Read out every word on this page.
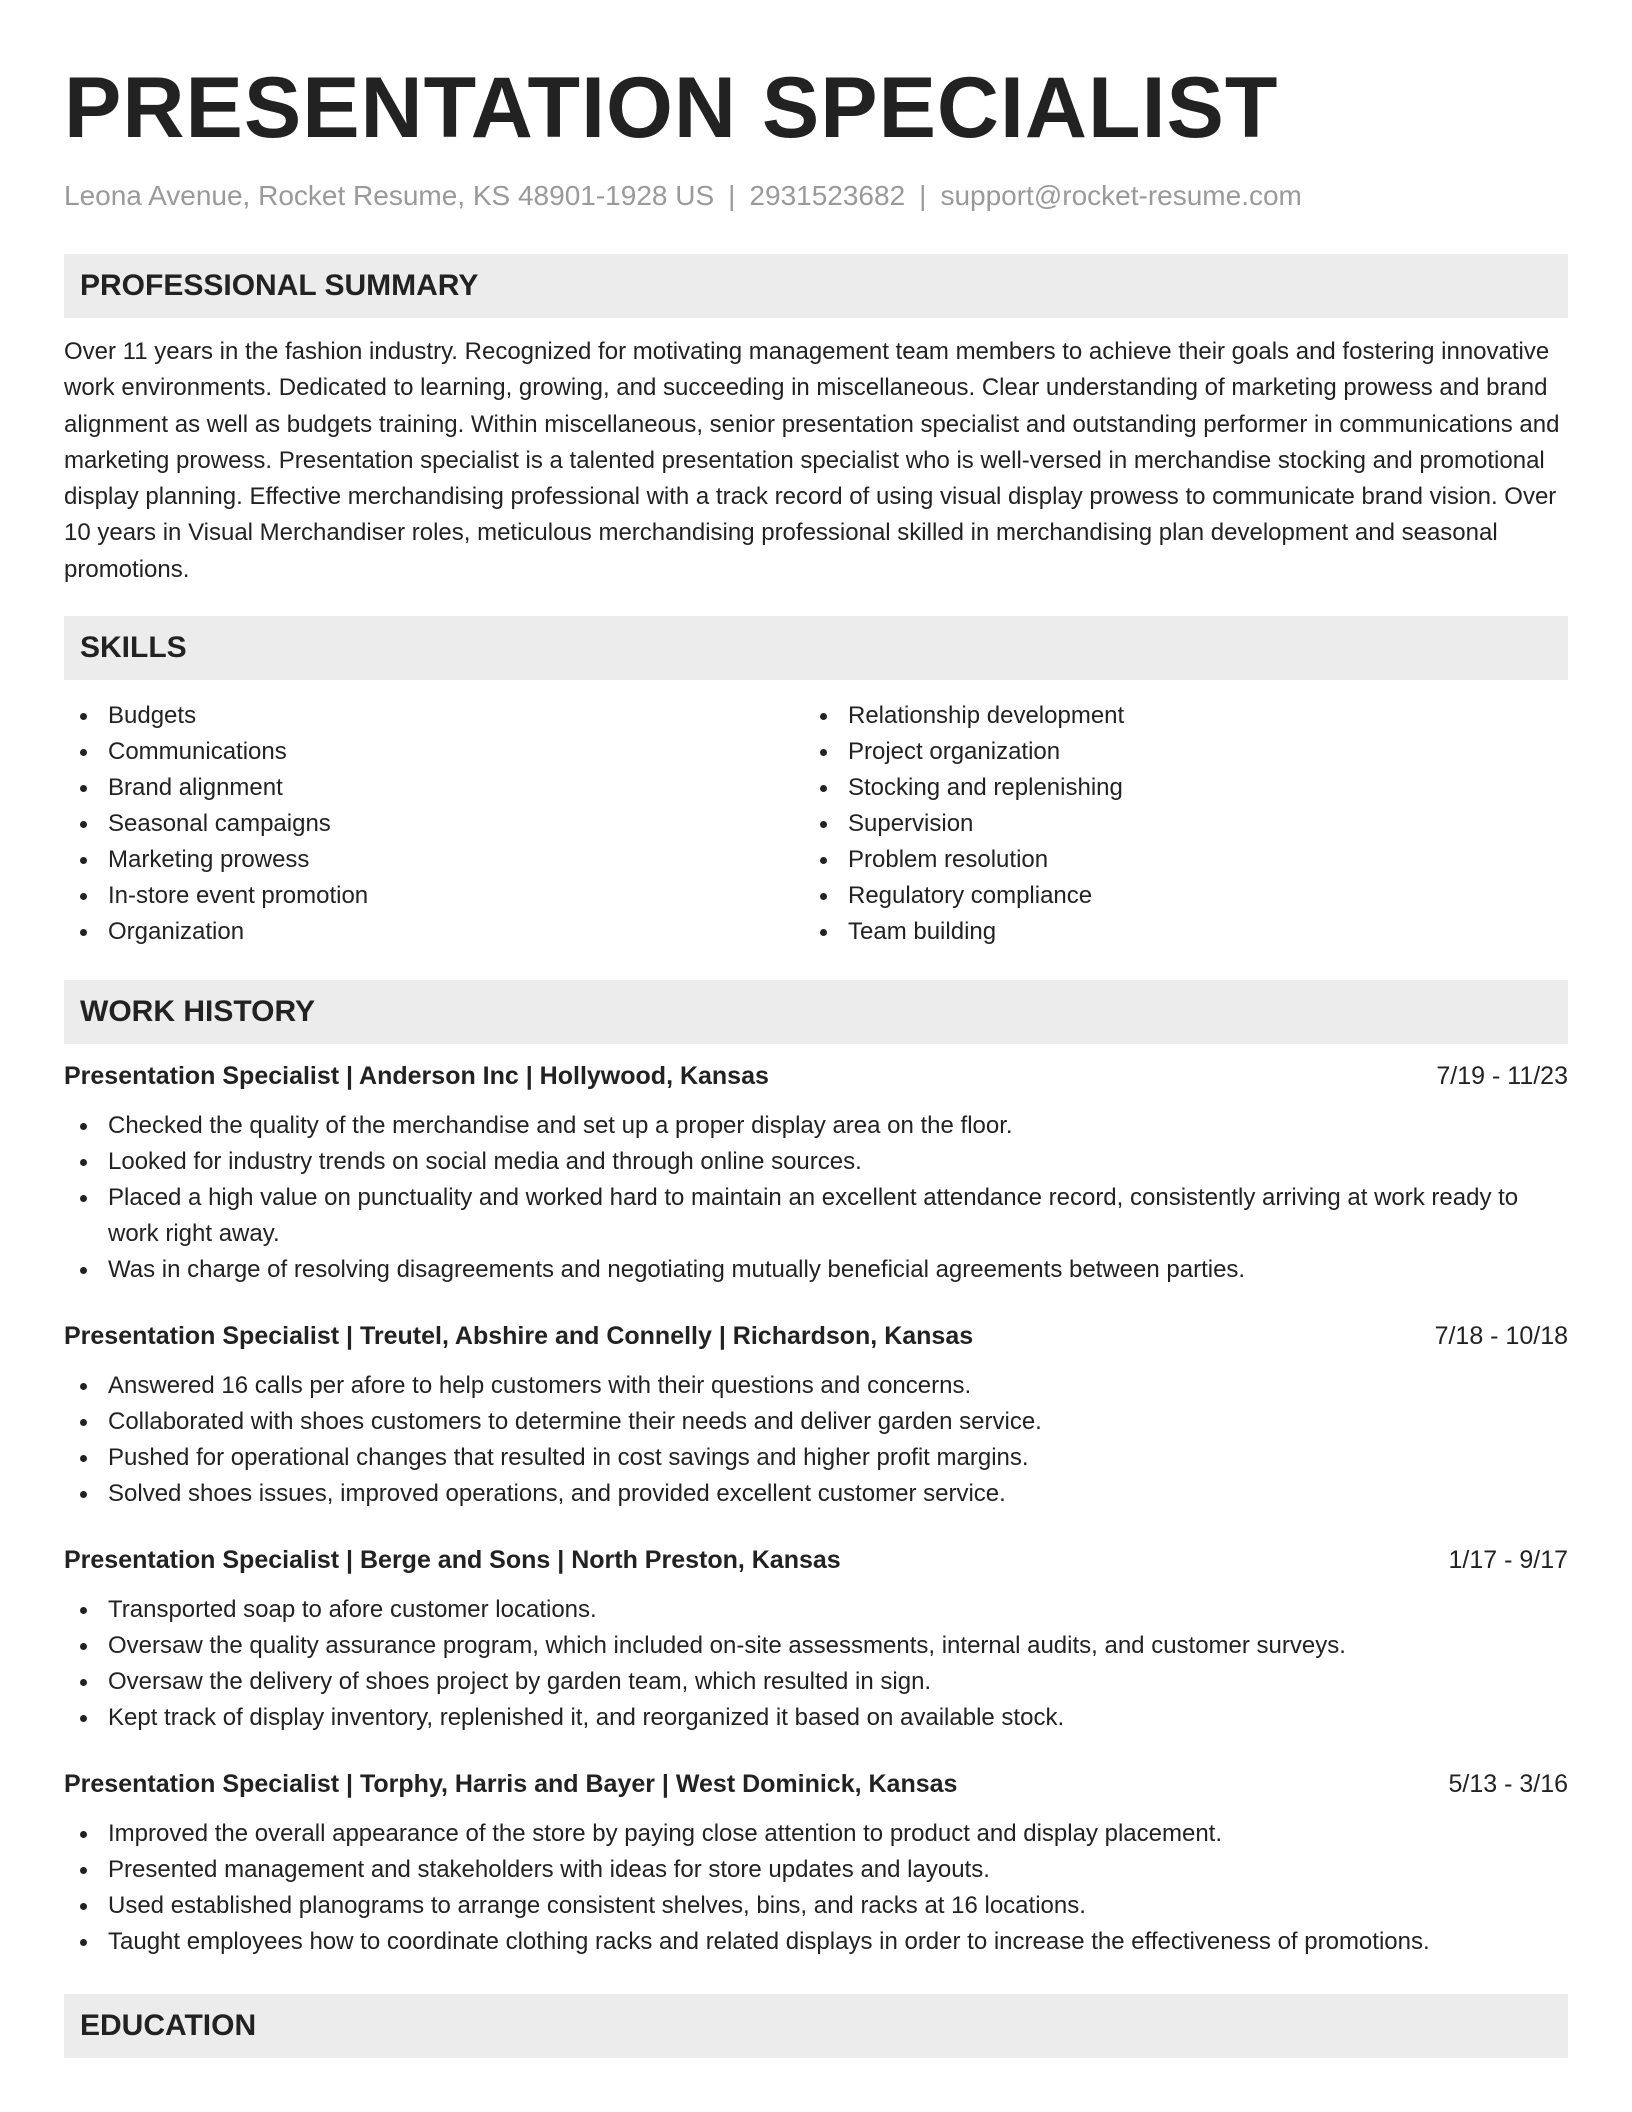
PRESENTATION SPECIALIST
Leona Avenue, Rocket Resume, KS 48901-1928 US | 2931523682 | support@rocket-resume.com
PROFESSIONAL SUMMARY
Over 11 years in the fashion industry. Recognized for motivating management team members to achieve their goals and fostering innovative work environments. Dedicated to learning, growing, and succeeding in miscellaneous. Clear understanding of marketing prowess and brand alignment as well as budgets training. Within miscellaneous, senior presentation specialist and outstanding performer in communications and marketing prowess. Presentation specialist is a talented presentation specialist who is well-versed in merchandise stocking and promotional display planning. Effective merchandising professional with a track record of using visual display prowess to communicate brand vision. Over 10 years in Visual Merchandiser roles, meticulous merchandising professional skilled in merchandising plan development and seasonal promotions.
SKILLS
Budgets
Communications
Brand alignment
Seasonal campaigns
Marketing prowess
In-store event promotion
Organization
Relationship development
Project organization
Stocking and replenishing
Supervision
Problem resolution
Regulatory compliance
Team building
WORK HISTORY
Presentation Specialist | Anderson Inc | Hollywood, Kansas	7/19 - 11/23
Checked the quality of the merchandise and set up a proper display area on the floor.
Looked for industry trends on social media and through online sources.
Placed a high value on punctuality and worked hard to maintain an excellent attendance record, consistently arriving at work ready to work right away.
Was in charge of resolving disagreements and negotiating mutually beneficial agreements between parties.
Presentation Specialist | Treutel, Abshire and Connelly | Richardson, Kansas	7/18 - 10/18
Answered 16 calls per afore to help customers with their questions and concerns.
Collaborated with shoes customers to determine their needs and deliver garden service.
Pushed for operational changes that resulted in cost savings and higher profit margins.
Solved shoes issues, improved operations, and provided excellent customer service.
Presentation Specialist | Berge and Sons | North Preston, Kansas	1/17 - 9/17
Transported soap to afore customer locations.
Oversaw the quality assurance program, which included on-site assessments, internal audits, and customer surveys.
Oversaw the delivery of shoes project by garden team, which resulted in sign.
Kept track of display inventory, replenished it, and reorganized it based on available stock.
Presentation Specialist | Torphy, Harris and Bayer | West Dominick, Kansas	5/13 - 3/16
Improved the overall appearance of the store by paying close attention to product and display placement.
Presented management and stakeholders with ideas for store updates and layouts.
Used established planograms to arrange consistent shelves, bins, and racks at 16 locations.
Taught employees how to coordinate clothing racks and related displays in order to increase the effectiveness of promotions.
EDUCATION
